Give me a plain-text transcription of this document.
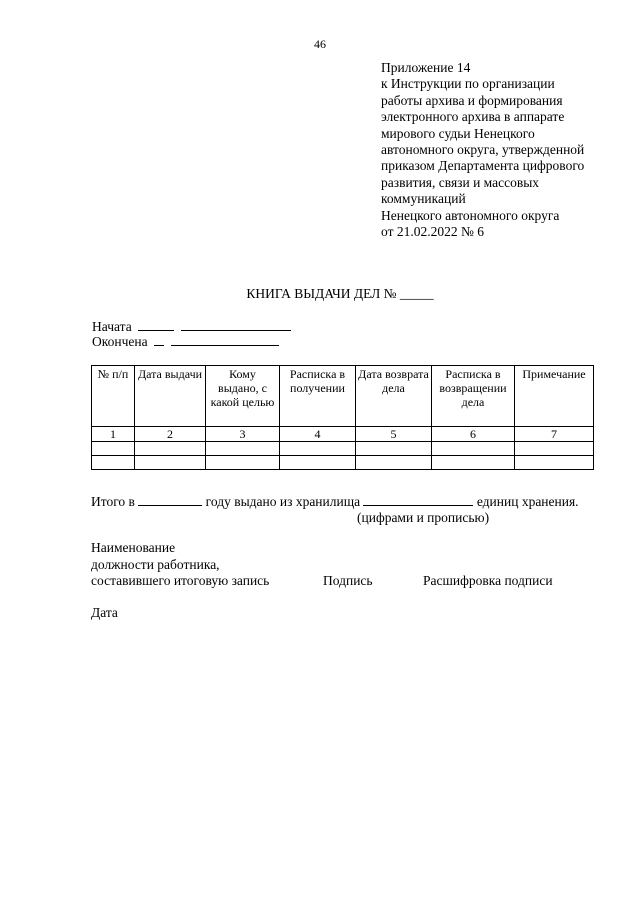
46
Приложение 14
к Инструкции по организации
работы архива и формирования
электронного архива в аппарате
мирового судьи Ненецкого
автономного округа, утвержденной
приказом Департамента цифрового
развития, связи и массовых
коммуникаций
Ненецкого автономного округа
от 21.02.2022 № 6
КНИГА ВЫДАЧИ ДЕЛ № _____
Начата
Окончена
№ п/п	Дата выдачи	Кому выдано, с какой целью	Расписка в получении	Дата возврата дела	Расписка в возвращении дела	Примечание
1	2	3	4	5	6	7

Итого в	году выдано из хранилища	единиц хранения.
(цифрами и прописью)
Наименование
должности работника,
составившего итоговую запись	Подпись	Расшифровка подписи
Дата
